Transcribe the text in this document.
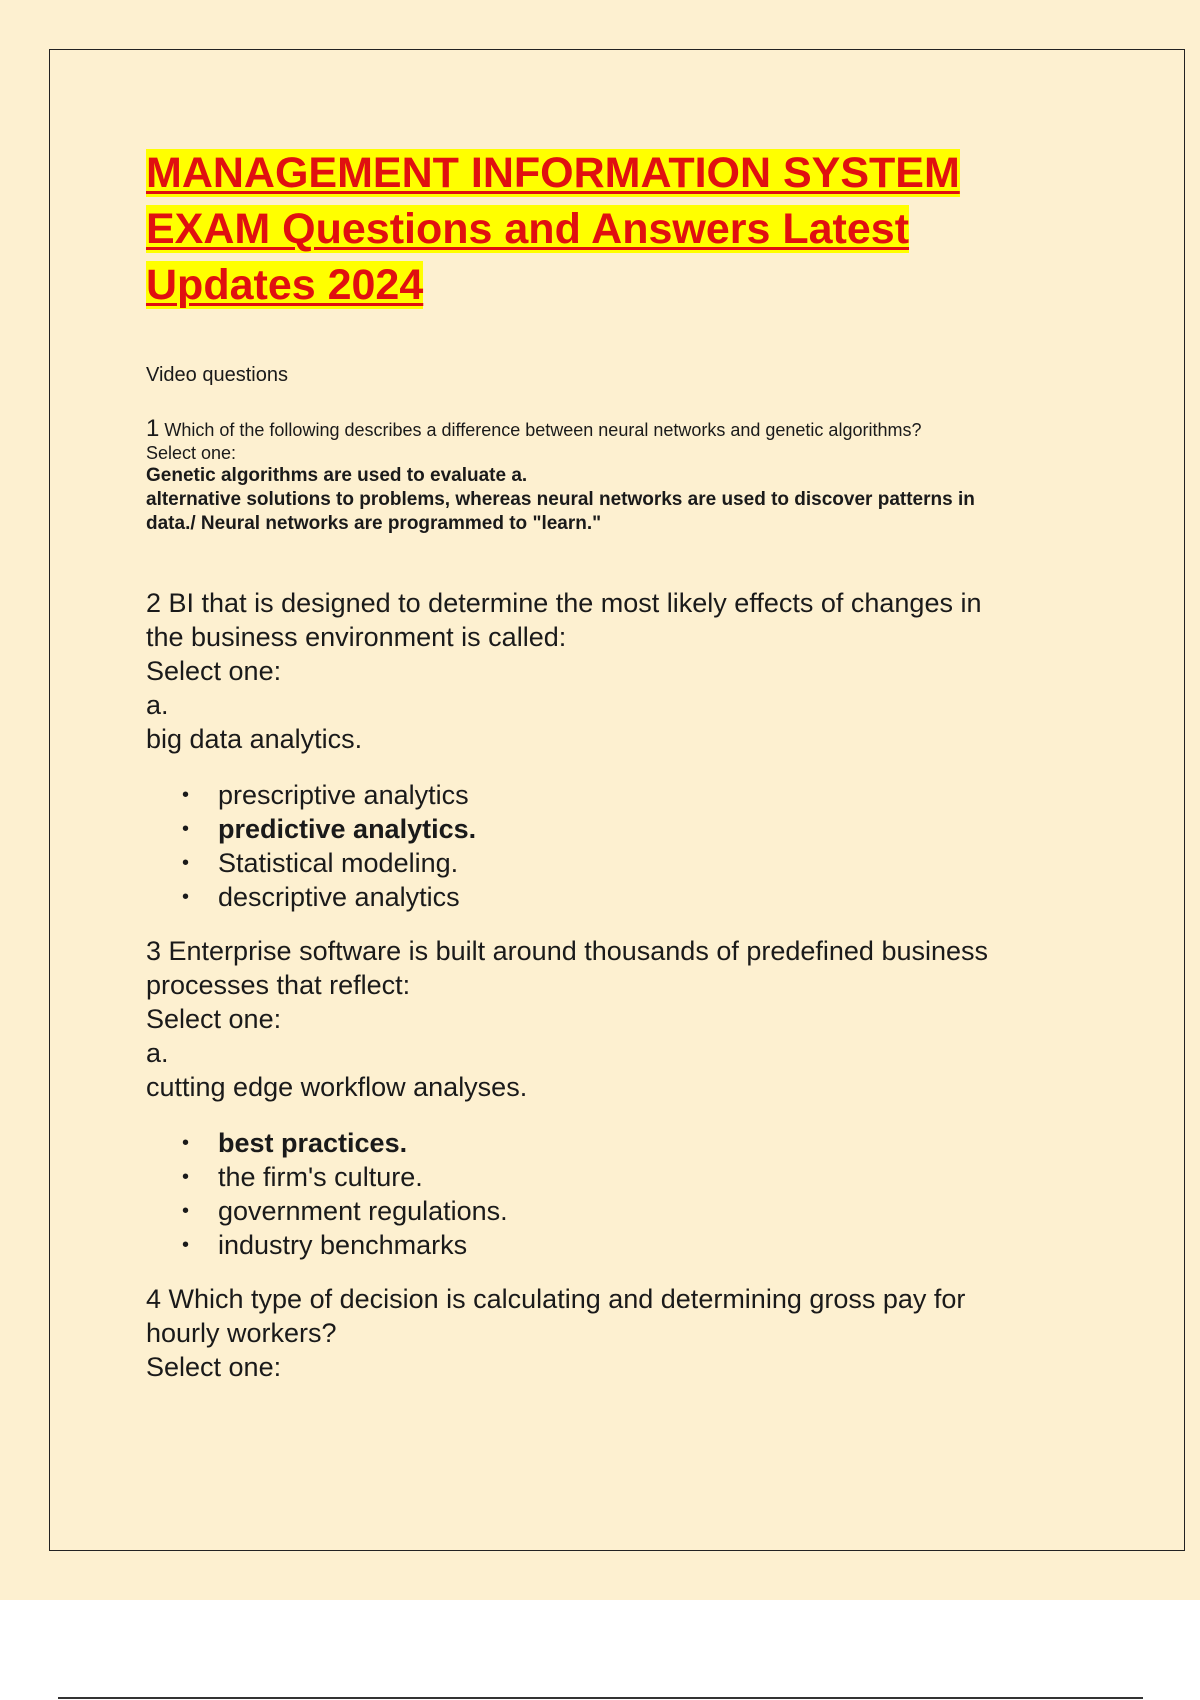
MANAGEMENT INFORMATION SYSTEM
EXAM Questions and Answers Latest
Updates 2024
Video questions
1 Which of the following describes a difference between neural networks and genetic algorithms?
Select one:
Genetic algorithms are used to evaluate a.
alternative solutions to problems, whereas neural networks are used to discover patterns in
data./ Neural networks are programmed to "learn."
2 BI that is designed to determine the most likely effects of changes in
the business environment is called:
Select one:
a.
big data analytics.
• prescriptive analytics
• predictive analytics.
• Statistical modeling.
• descriptive analytics
3 Enterprise software is built around thousands of predefined business
processes that reflect:
Select one:
a.
cutting edge workflow analyses.
• best practices.
• the firm's culture.
• government regulations.
• industry benchmarks
4 Which type of decision is calculating and determining gross pay for
hourly workers?
Select one:
